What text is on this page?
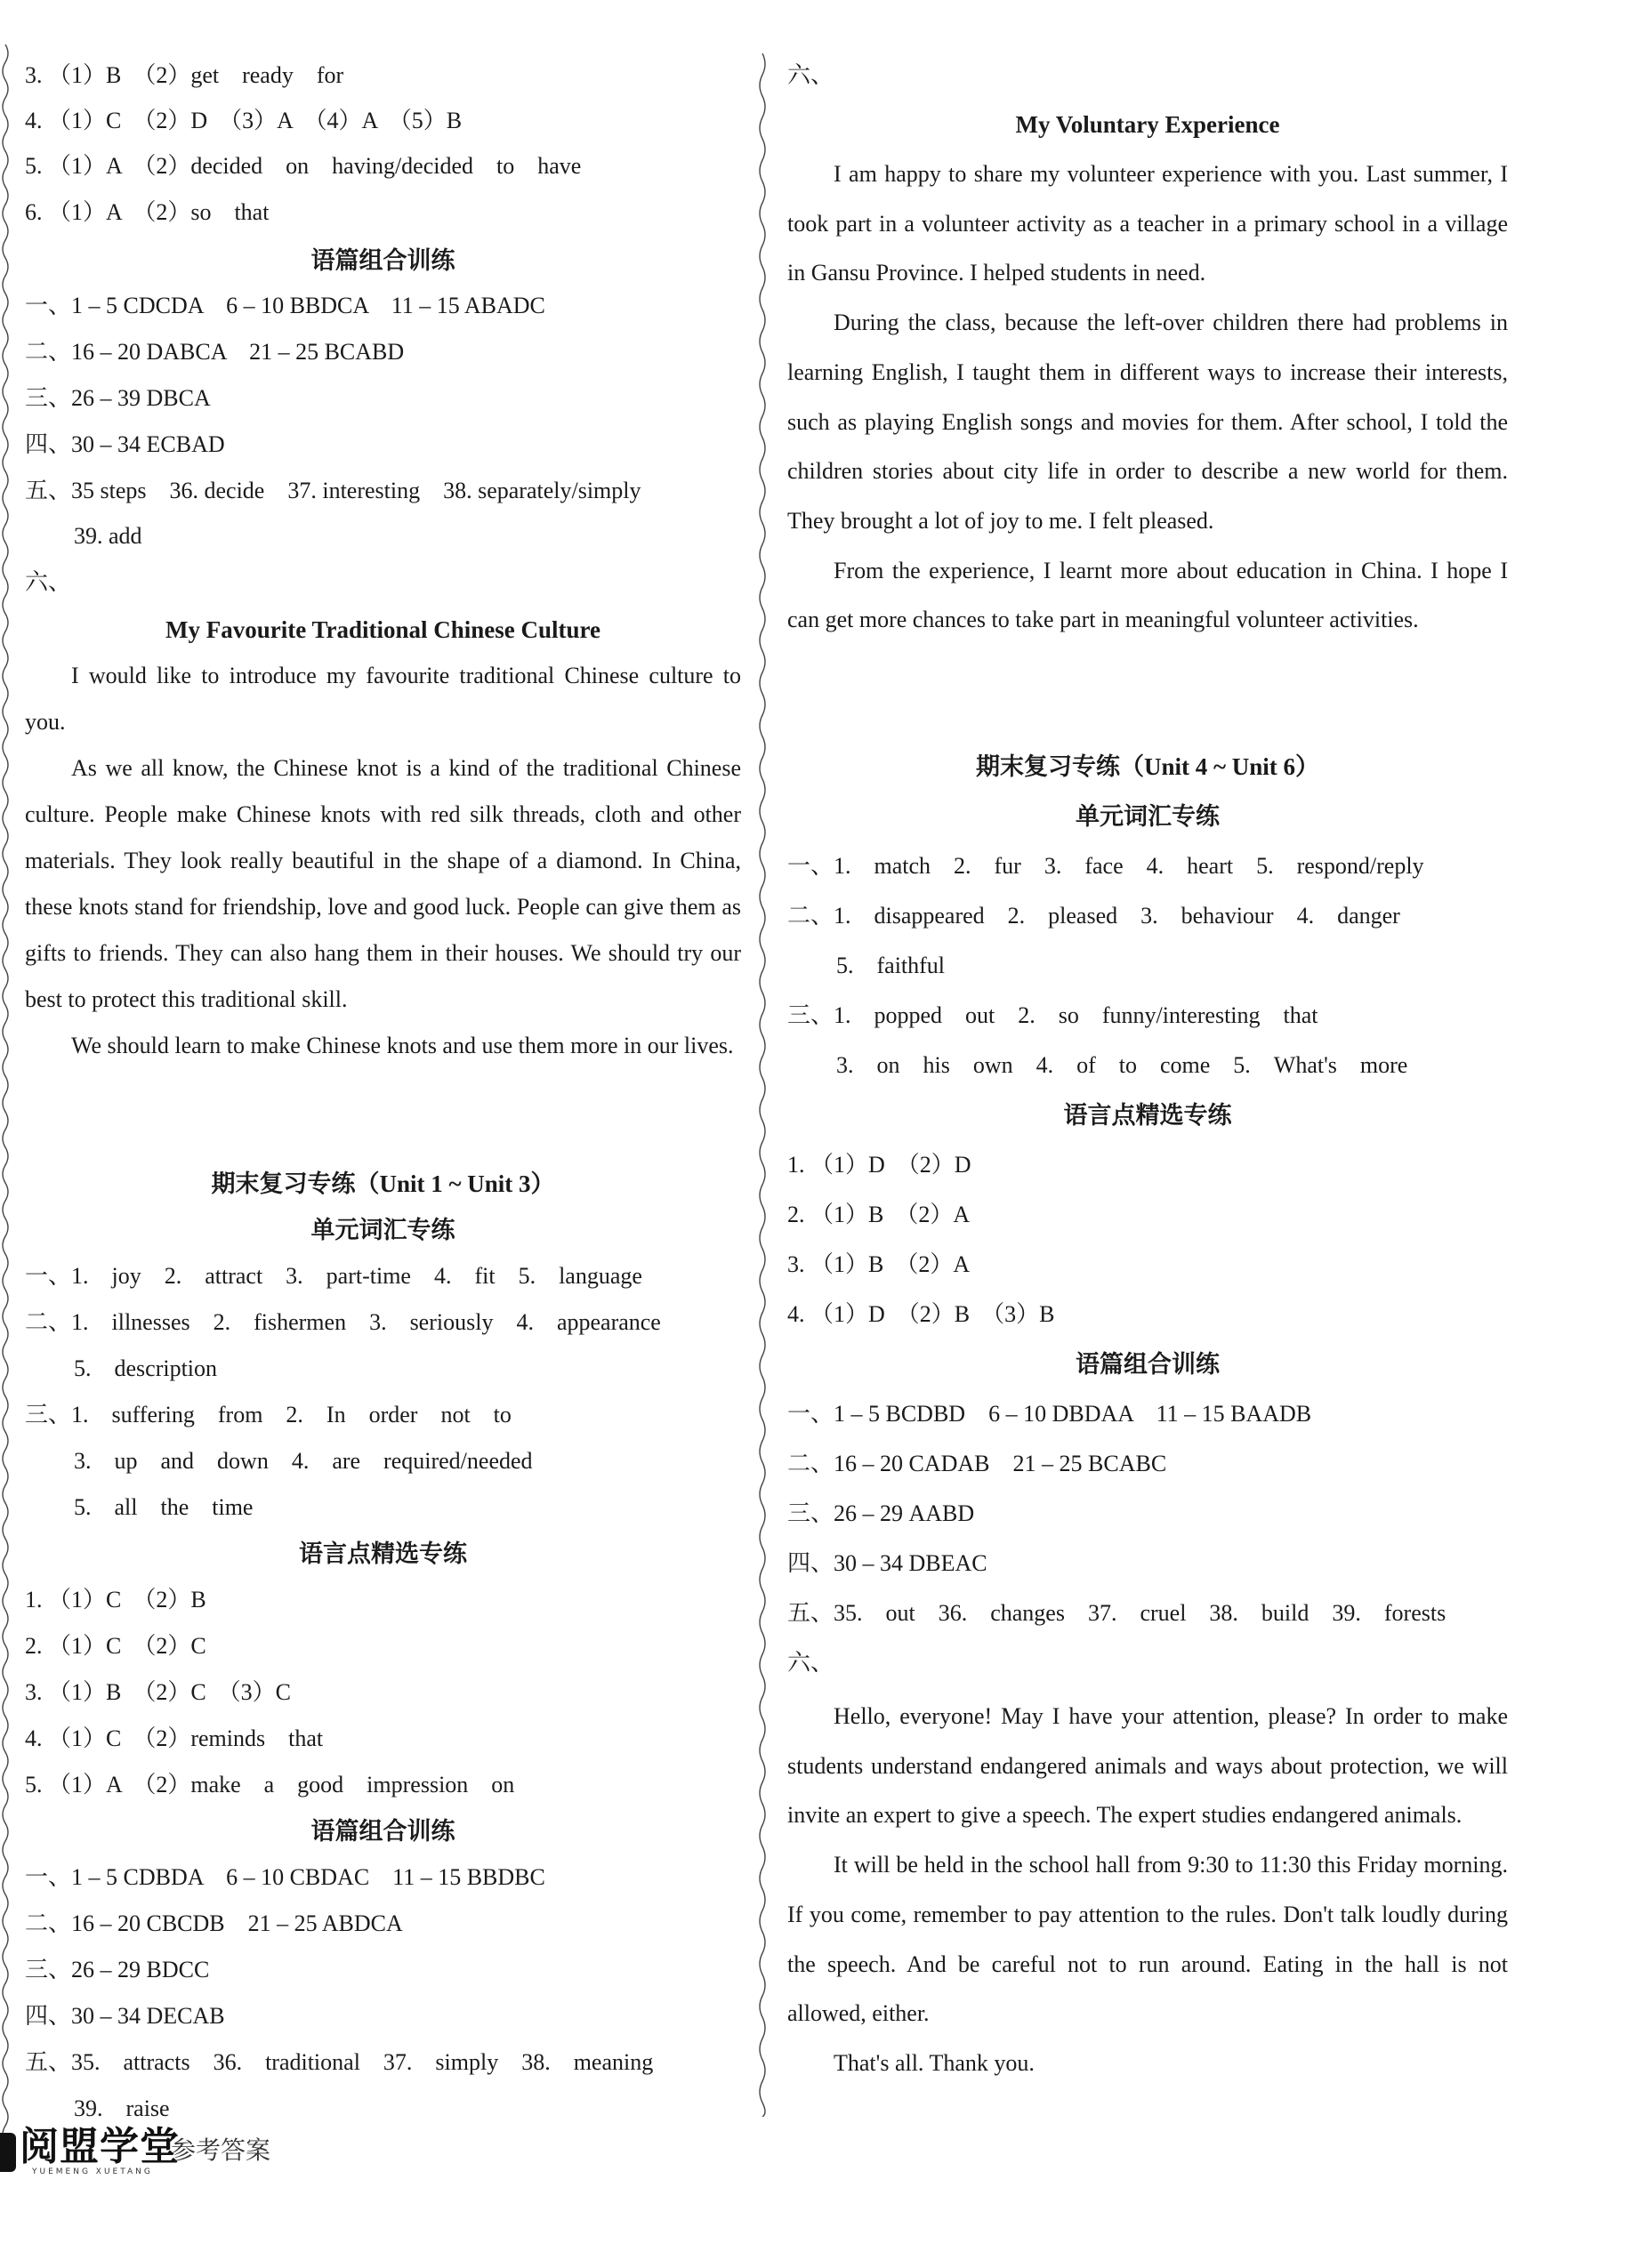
3. （1）B　（2）get　ready　for
4. （1）C　（2）D　（3）A　（4）A　（5）B
5. （1）A　（2）decided　on　having/decided　to　have
6. （1）A　（2）so　that
语篇组合训练
一、1 – 5 CDCDA　6 – 10 BBDCA　11 – 15 ABADC
二、16 – 20 DABCA　21 – 25 BCABD
三、26 – 39 DBCA
四、30 – 34 ECBAD
五、35 steps　36. decide　37. interesting　38. separately/simply
39. add
六、
My Favourite Traditional Chinese Culture

I would like to introduce my favourite traditional Chinese culture to you.

As we all know, the Chinese knot is a kind of the traditional Chinese culture. People make Chinese knots with red silk threads, cloth and other materials. They look really beautiful in the shape of a diamond. In China, these knots stand for friendship, love and good luck. People can give them as gifts to friends. They can also hang them in their houses. We should try our best to protect this traditional skill.

We should learn to make Chinese knots and use them more in our lives.

期末复习专练（Unit 1 ~ Unit 3）
单元词汇专练
一、1.　joy　2.　attract　3.　part-time　4.　fit　5.　language
二、1.　illnesses　2.　fishermen　3.　seriously　4.　appearance
5.　description
三、1.　suffering　from　2.　In　order　not　to
3.　up　and　down　4.　are　required/needed
5.　all　the　time
语言点精选专练
1. （1）C　（2）B
2. （1）C　（2）C
3. （1）B　（2）C　（3）C
4. （1）C　（2）reminds　that
5. （1）A　（2）make　a　good　impression　on
语篇组合训练
一、1 – 5 CDBDA　6 – 10 CBDAC　11 – 15 BBDBC
二、16 – 20 CBCDB　21 – 25 ABDCA
三、26 – 29 BDCC
四、30 – 34 DECAB
五、35.　attracts　36.　traditional　37.　simply　38.　meaning
39.　raise
六、
My Voluntary Experience

I am happy to share my volunteer experience with you. Last summer, I took part in a volunteer activity as a teacher in a primary school in a village in Gansu Province. I helped students in need.

During the class, because the left-over children there had problems in learning English, I taught them in different ways to increase their interests, such as playing English songs and movies for them. After school, I told the children stories about city life in order to describe a new world for them. They brought a lot of joy to me. I felt pleased.

From the experience, I learnt more about education in China. I hope I can get more chances to take part in meaningful volunteer activities.

期末复习专练（Unit 4 ~ Unit 6）
单元词汇专练
一、1.　match　2.　fur　3.　face　4.　heart　5.　respond/reply
二、1.　disappeared　2.　pleased　3.　behaviour　4.　danger
5.　faithful
三、1.　popped　out　2.　so　funny/interesting　that
3.　on　his　own　4.　of　to　come　5.　What's　more
语言点精选专练
1. （1）D　（2）D
2. （1）B　（2）A
3. （1）B　（2）A
4. （1）D　（2）B　（3）B
语篇组合训练
一、1 – 5 BCDBD　6 – 10 DBDAA　11 – 15 BAADB
二、16 – 20 CADAB　21 – 25 BCABC
三、26 – 29 AABD
四、30 – 34 DBEAC
五、35.　out　36.　changes　37.　cruel　38.　build　39.　forests
六、

Hello, everyone! May I have your attention, please? In order to make students understand endangered animals and ways about protection, we will invite an expert to give a speech. The expert studies endangered animals.

It will be held in the school hall from 9:30 to 11:30 this Friday morning. If you come, remember to pay attention to the rules. Don't talk loudly during the speech. And be careful not to run around. Eating in the hall is not allowed, either.

That's all. Thank you.

阅盟学堂
YUEMENG XUETANG
参考答案
